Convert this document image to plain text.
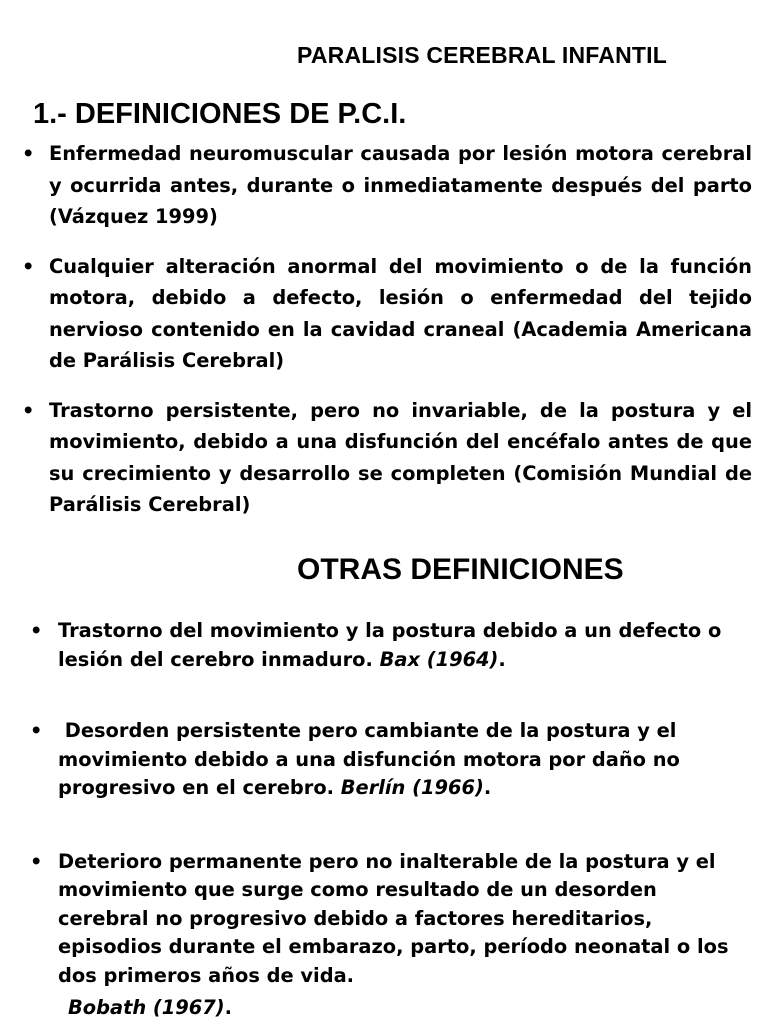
PARALISIS CEREBRAL INFANTIL
1.- DEFINICIONES DE P.C.I.
• Enfermedad neuromuscular causada por lesión motora cerebral y ocurrida antes, durante o inmediatamente después del parto (Vázquez 1999)
• Cualquier alteración anormal del movimiento o de la función motora, debido a defecto, lesión o enfermedad del tejido nervioso contenido en la cavidad craneal (Academia Americana de Parálisis Cerebral)
• Trastorno persistente, pero no invariable, de la postura y el movimiento, debido a una disfunción del encéfalo antes de que su crecimiento y desarrollo se completen (Comisión Mundial de Parálisis Cerebral)
OTRAS DEFINICIONES
• Trastorno del movimiento y la postura debido a un defecto o lesión del cerebro inmaduro. Bax (1964).
• Desorden persistente pero cambiante de la postura y el movimiento debido a una disfunción motora por daño no progresivo en el cerebro. Berlín (1966).
• Deterioro permanente pero no inalterable de la postura y el movimiento que surge como resultado de un desorden cerebral no progresivo debido a factores hereditarios, episodios durante el embarazo, parto, período neonatal o los dos primeros años de vida.
Bobath (1967).
